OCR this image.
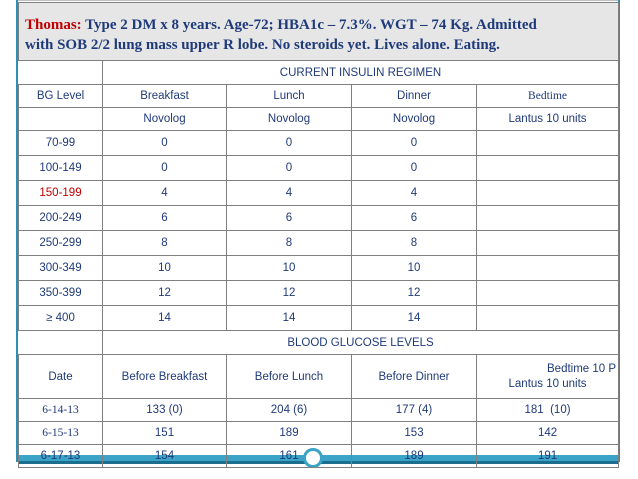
Thomas: Type 2 DM x 8 years. Age-72; HBA1c – 7.3%. WGT – 74 Kg. Admitted
with SOB 2/2 lung mass upper R lobe. No steroids yet. Lives alone. Eating.				
	CURRENT INSULIN REGIMEN			
BG Level	Breakfast	Lunch	Dinner	Bedtime
	Novolog	Novolog	Novolog	Lantus 10 units
70-99	0	0	0	
100-149	0	0	0	
150-199	4	4	4	
200-249	6	6	6	
250-299	8	8	8	
300-349	10	10	10	
350-399	12	12	12	
≥ 400	14	14	14	
	BLOOD GLUCOSE LEVELS			
Date	Before Breakfast	Before Lunch	Before Dinner	Bedtime 10 P
Lantus 10 units

6-14-13	133 (0)	204 (6)	177 (4)	181  (10)
6-15-13	151	189	153	142
6-17-13	154	161	189	191
